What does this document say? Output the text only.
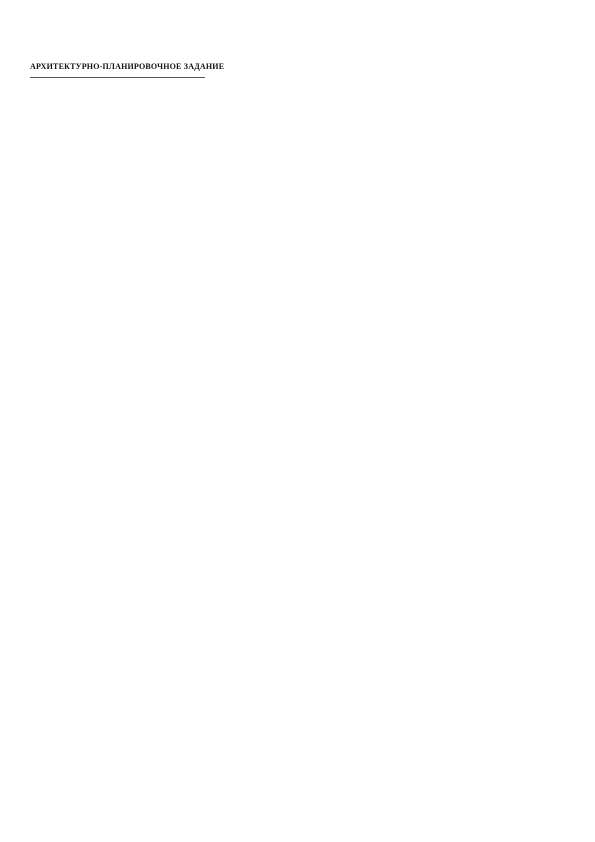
АРХИТЕКТУРНО-ПЛАНИРОВОЧНОЕ ЗАДАНИЕ
